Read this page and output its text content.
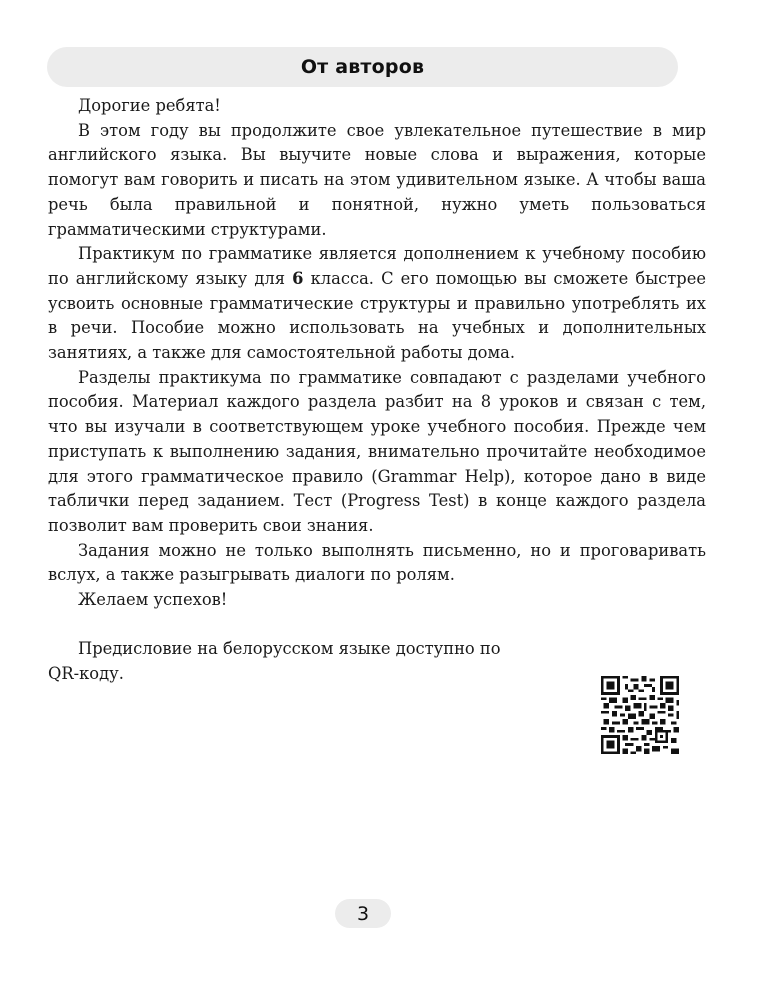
От авторов

Дорогие ребята!

В этом году вы продолжите свое увлекательное путешествие в мир английского языка. Вы выучите новые слова и выражения, которые помогут вам говорить и писать на этом удивительном языке. А чтобы ваша речь была правильной и понятной, нужно уметь пользоваться грамматическими структурами.

Практикум по грамматике является дополнением к учебному пособию по английскому языку для 6 класса. С его помощью вы сможете быстрее усвоить основные грамматические структуры и правильно употреблять их в речи. Пособие можно использовать на учебных и дополнительных занятиях, а также для самостоятельной работы дома.

Разделы практикума по грамматике совпадают с разделами учебного пособия. Материал каждого раздела разбит на 8 уроков и связан с тем, что вы изучали в соответствующем уроке учебного пособия. Прежде чем приступать к выполнению задания, внимательно прочитайте необходимое для этого грамматическое правило (Grammar Help), которое дано в виде таблички перед заданием. Тест (Progress Test) в конце каждого раздела позволит вам проверить свои знания.

Задания можно не только выполнять письменно, но и проговаривать вслух, а также разыгрывать диалоги по ролям.

Желаем успехов!

Предисловие на белорусском языке доступно по QR-коду.

3
